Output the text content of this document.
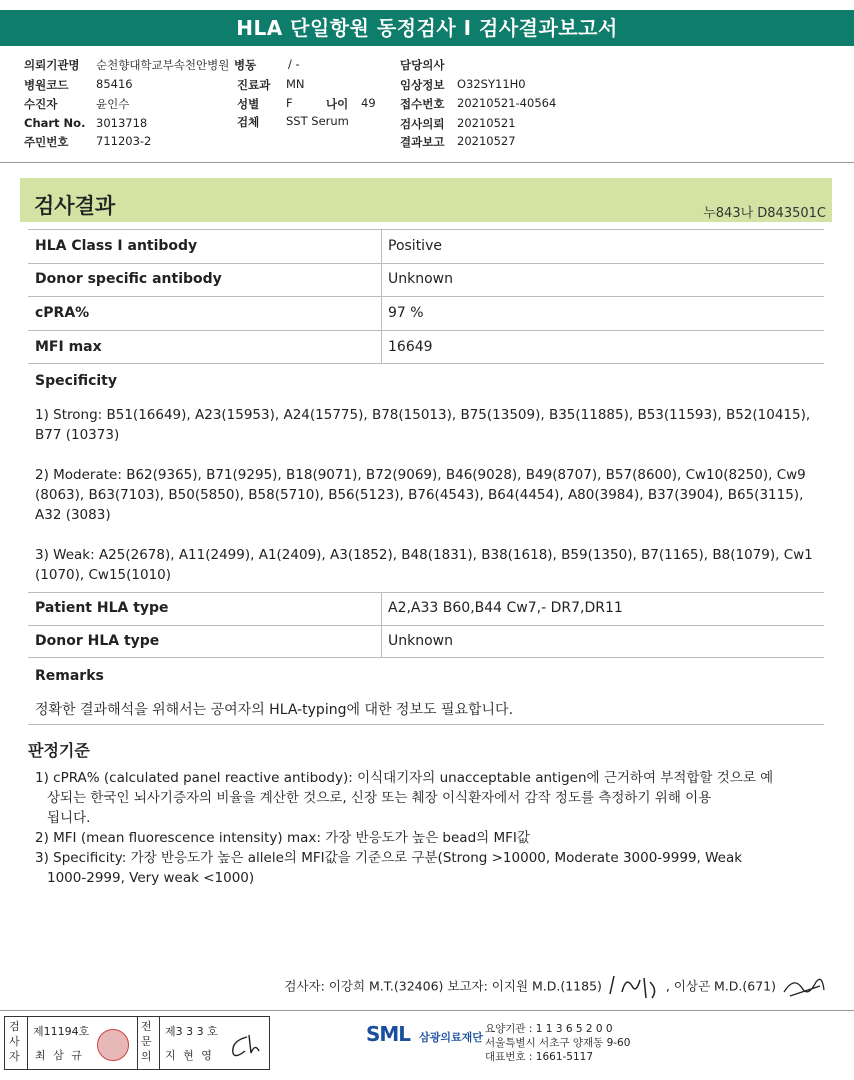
HLA 단일항원 동정검사 I 검사결과보고서
의뢰기관명 순천향대학교부속천안병원 병동	/ -	담당의사
병원코드 85416	진료과 MN	임상정보 O32SY11H0
수진자	윤인수	성별 F	나이 49 접수번호 20210521-40564
Chart No. 3013718	검체 SST Serum	검사의뢰 20210521
주민번호 711203-2	결과보고 20210527
검사결과	누843나 D843501C
HLA Class Ⅰ antibody	Positive
Donor specific antibody	Unknown
cPRA%	97 %
MFI max	16649
Specificity
1) Strong: B51(16649), A23(15953), A24(15775), B78(15013), B75(13509), B35(11885), B53(11593), B52(10415), B77 (10373)
2) Moderate: B62(9365), B71(9295), B18(9071), B72(9069), B46(9028), B49(8707), B57(8600), Cw10(8250), Cw9 (8063), B63(7103), B50(5850), B58(5710), B56(5123), B76(4543), B64(4454), A80(3984), B37(3904), B65(3115), A32 (3083)
3) Weak: A25(2678), A11(2499), A1(2409), A3(1852), B48(1831), B38(1618), B59(1350), B7(1165), B8(1079), Cw1 (1070), Cw15(1010)
Patient HLA type	A2,A33 B60,B44 Cw7,- DR7,DR11
Donor HLA type	Unknown
Remarks
정확한 결과해석을 위해서는 공여자의 HLA-typing에 대한 정보도 필요합니다.
판정기준
1) cPRA% (calculated panel reactive antibody): 이식대기자의 unacceptable antigen에 근거하여 부적합할 것으로 예
상되는 한국인 뇌사기증자의 비율을 계산한 것으로, 신장 또는 췌장 이식환자에서 감작 정도를 측정하기 위해 이용
됩니다.
2) MFI (mean fluorescence intensity) max: 가장 반응도가 높은 bead의 MFI값
3) Specificity: 가장 반응도가 높은 allele의 MFI값을 기준으로 구분(Strong >10000, Moderate 3000-9999, Weak
1000-2999, Very weak <1000)
검사자: 이강희 M.T.(32406) 보고자: 이지원 M.D.(1185)	, 이상곤 M.D.(671)
검사자
제11194호
최 삼 규
전문의
제3 3 3 호
지 현 영
SML 삼광의료재단
요양기관 : 1 1 3 6 5 2 0 0
서울특별시 서초구 양재동 9-60
대표번호 : 1661-5117
